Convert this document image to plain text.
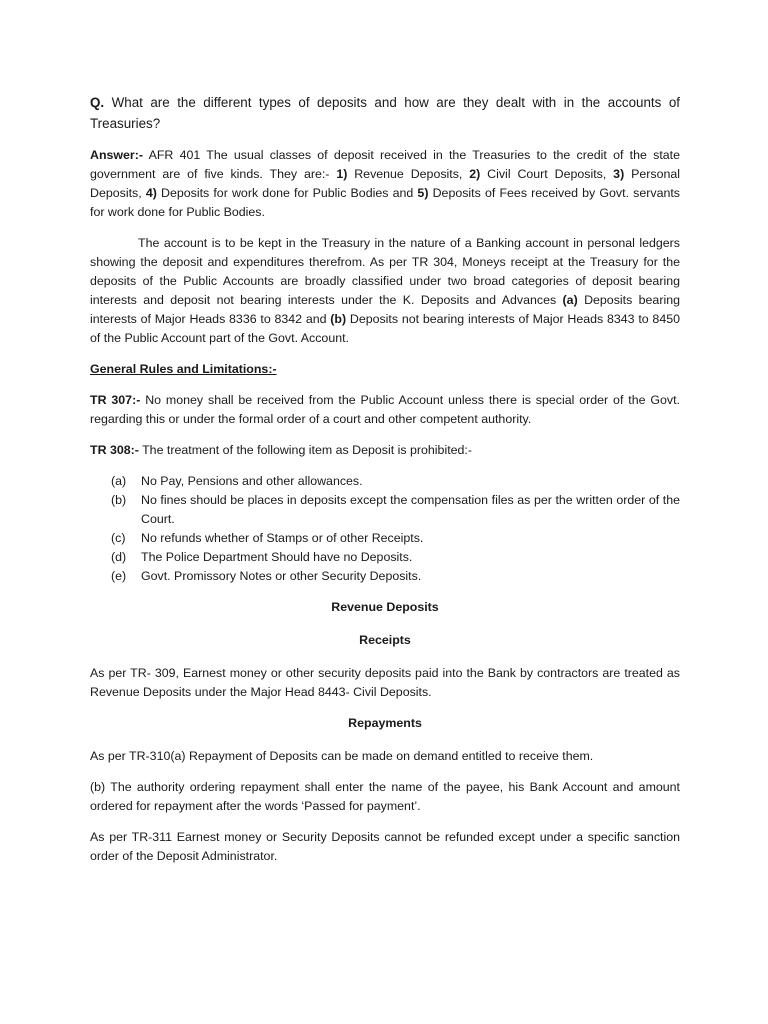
Q. What are the different types of deposits and how are they dealt with in the accounts of Treasuries?

Answer:- AFR 401 The usual classes of deposit received in the Treasuries to the credit of the state government are of five kinds. They are:- 1) Revenue Deposits, 2) Civil Court Deposits, 3) Personal Deposits, 4) Deposits for work done for Public Bodies and 5) Deposits of Fees received by Govt. servants for work done for Public Bodies.

The account is to be kept in the Treasury in the nature of a Banking account in personal ledgers showing the deposit and expenditures therefrom. As per TR 304, Moneys receipt at the Treasury for the deposits of the Public Accounts are broadly classified under two broad categories of deposit bearing interests and deposit not bearing interests under the K. Deposits and Advances (a) Deposits bearing interests of Major Heads 8336 to 8342 and (b) Deposits not bearing interests of Major Heads 8343 to 8450 of the Public Account part of the Govt. Account.

General Rules and Limitations:-

TR 307:- No money shall be received from the Public Account unless there is special order of the Govt. regarding this or under the formal order of a court and other competent authority.

TR 308:- The treatment of the following item as Deposit is prohibited:-

(a)	No Pay, Pensions and other allowances.
(b)	No fines should be places in deposits except the compensation files as per the written order of the Court.
(c)	No refunds whether of Stamps or of other Receipts.
(d)	The Police Department Should have no Deposits.
(e)	Govt. Promissory Notes or other Security Deposits.

Revenue Deposits

Receipts

As per TR- 309, Earnest money or other security deposits paid into the Bank by contractors are treated as Revenue Deposits under the Major Head 8443- Civil Deposits.

Repayments

As per TR-310(a) Repayment of Deposits can be made on demand entitled to receive them.

(b) The authority ordering repayment shall enter the name of the payee, his Bank Account and amount ordered for repayment after the words ‘Passed for payment’.

As per TR-311 Earnest money or Security Deposits cannot be refunded except under a specific sanction order of the Deposit Administrator.
